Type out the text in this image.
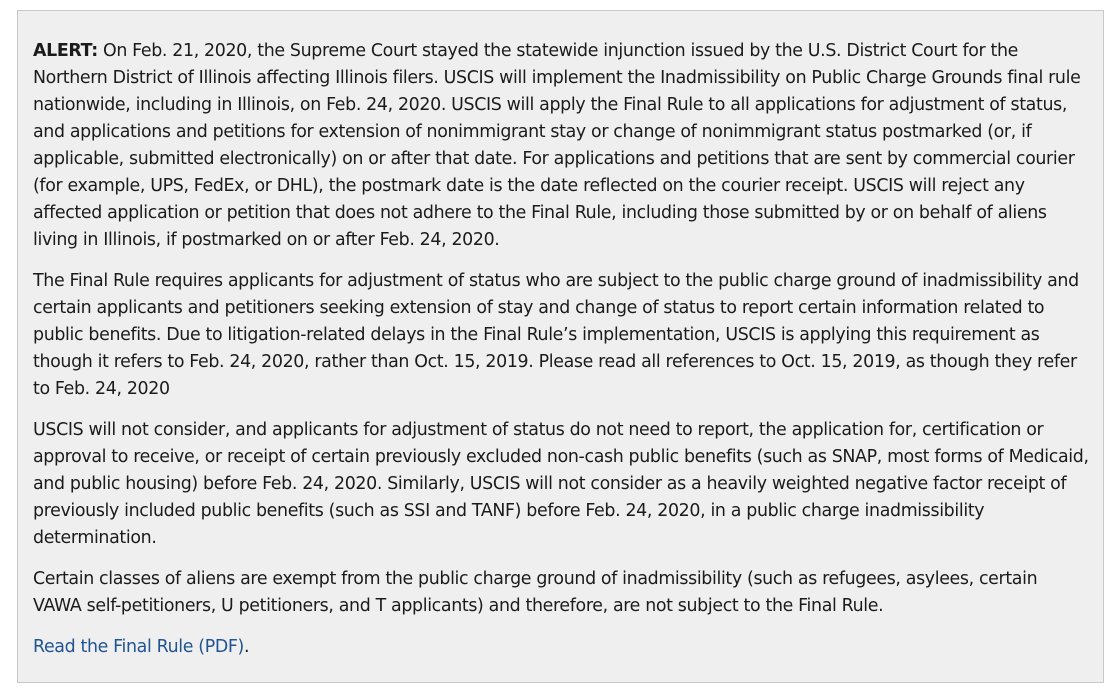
ALERT: On Feb. 21, 2020, the Supreme Court stayed the statewide injunction issued by the U.S. District Court for the Northern District of Illinois affecting Illinois filers. USCIS will implement the Inadmissibility on Public Charge Grounds final rule nationwide, including in Illinois, on Feb. 24, 2020. USCIS will apply the Final Rule to all applications for adjustment of status, and applications and petitions for extension of nonimmigrant stay or change of nonimmigrant status postmarked (or, if applicable, submitted electronically) on or after that date. For applications and petitions that are sent by commercial courier (for example, UPS, FedEx, or DHL), the postmark date is the date reflected on the courier receipt. USCIS will reject any affected application or petition that does not adhere to the Final Rule, including those submitted by or on behalf of aliens living in Illinois, if postmarked on or after Feb. 24, 2020.

The Final Rule requires applicants for adjustment of status who are subject to the public charge ground of inadmissibility and certain applicants and petitioners seeking extension of stay and change of status to report certain information related to public benefits. Due to litigation-related delays in the Final Rule’s implementation, USCIS is applying this requirement as though it refers to Feb. 24, 2020, rather than Oct. 15, 2019. Please read all references to Oct. 15, 2019, as though they refer to Feb. 24, 2020

USCIS will not consider, and applicants for adjustment of status do not need to report, the application for, certification or approval to receive, or receipt of certain previously excluded non-cash public benefits (such as SNAP, most forms of Medicaid, and public housing) before Feb. 24, 2020. Similarly, USCIS will not consider as a heavily weighted negative factor receipt of previously included public benefits (such as SSI and TANF) before Feb. 24, 2020, in a public charge inadmissibility determination.

Certain classes of aliens are exempt from the public charge ground of inadmissibility (such as refugees, asylees, certain VAWA self-petitioners, U petitioners, and T applicants) and therefore, are not subject to the Final Rule.

Read the Final Rule (PDF).
